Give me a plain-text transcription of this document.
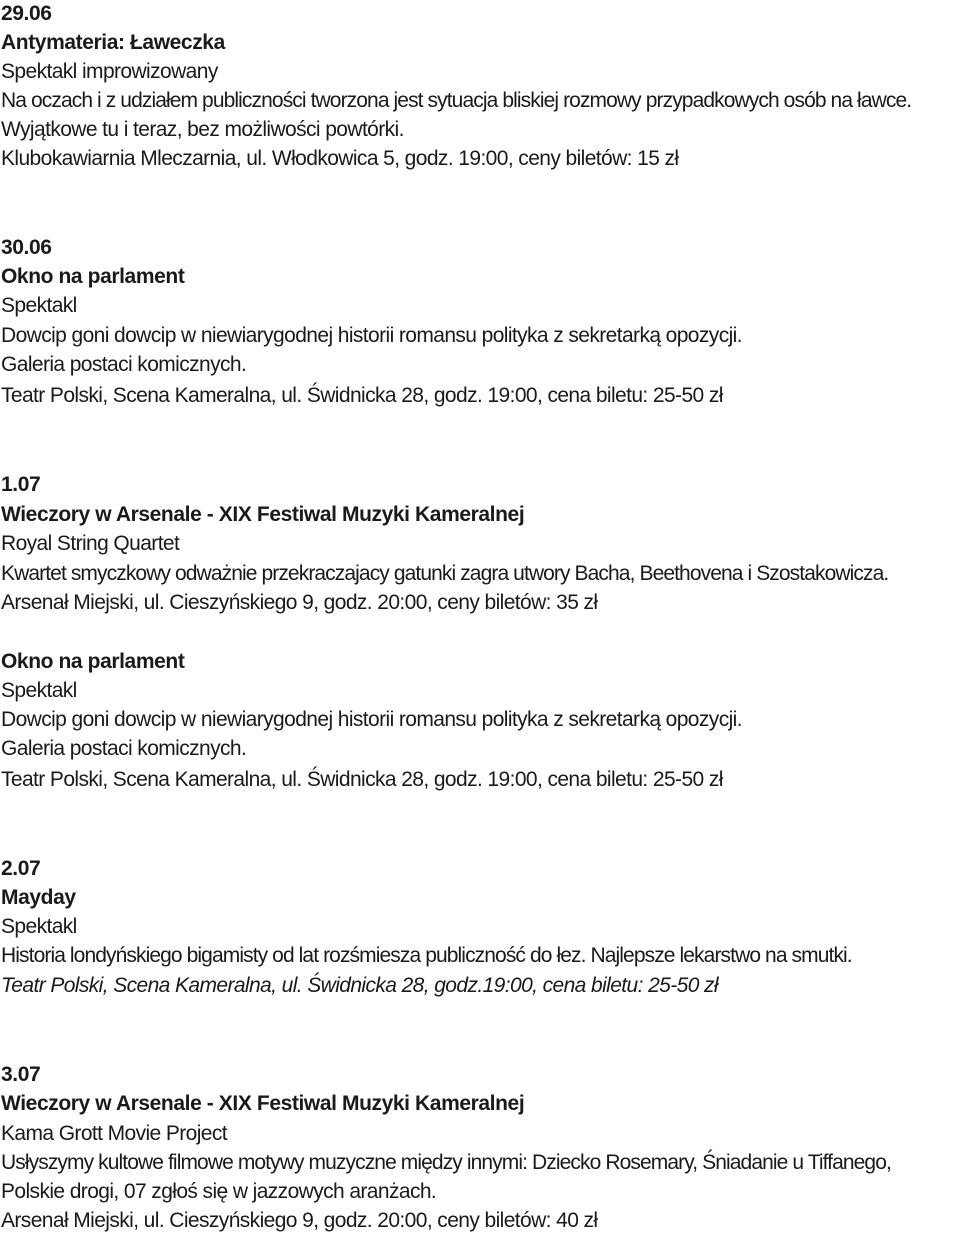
29.06
Antymateria: Ławeczka
Spektakl improwizowany
Na oczach i z udziałem publiczności tworzona jest sytuacja bliskiej rozmowy przypadkowych osób na ławce.
Wyjątkowe tu i teraz, bez możliwości powtórki.
Klubokawiarnia Mleczarnia, ul. Włodkowica 5, godz. 19:00, ceny biletów: 15 zł
30.06
Okno na parlament
Spektakl
Dowcip goni dowcip w niewiarygodnej historii romansu polityka z sekretarką opozycji.
Galeria postaci komicznych.
Teatr Polski, Scena Kameralna, ul. Świdnicka 28, godz. 19:00, cena biletu: 25-50 zł
1.07
Wieczory w Arsenale - XIX Festiwal Muzyki Kameralnej
Royal String Quartet
Kwartet smyczkowy odważnie przekraczajacy gatunki zagra utwory Bacha, Beethovena i Szostakowicza.
Arsenał Miejski, ul. Cieszyńskiego 9, godz. 20:00, ceny biletów: 35 zł
Okno na parlament
Spektakl
Dowcip goni dowcip w niewiarygodnej historii romansu polityka z sekretarką opozycji.
Galeria postaci komicznych.
Teatr Polski, Scena Kameralna, ul. Świdnicka 28, godz. 19:00, cena biletu: 25-50 zł
2.07
Mayday
Spektakl
Historia londyńskiego bigamisty od lat rozśmiesza publiczność do łez. Najlepsze lekarstwo na smutki.
Teatr Polski, Scena Kameralna, ul. Świdnicka 28, godz.19:00, cena biletu: 25-50 zł
3.07
Wieczory w Arsenale - XIX Festiwal Muzyki Kameralnej
Kama Grott Movie Project
Usłyszymy kultowe filmowe motywy muzyczne między innymi: Dziecko Rosemary, Śniadanie u Tiffanego,
Polskie drogi, 07 zgłoś się w jazzowych aranżach.
Arsenał Miejski, ul. Cieszyńskiego 9, godz. 20:00, ceny biletów: 40 zł
